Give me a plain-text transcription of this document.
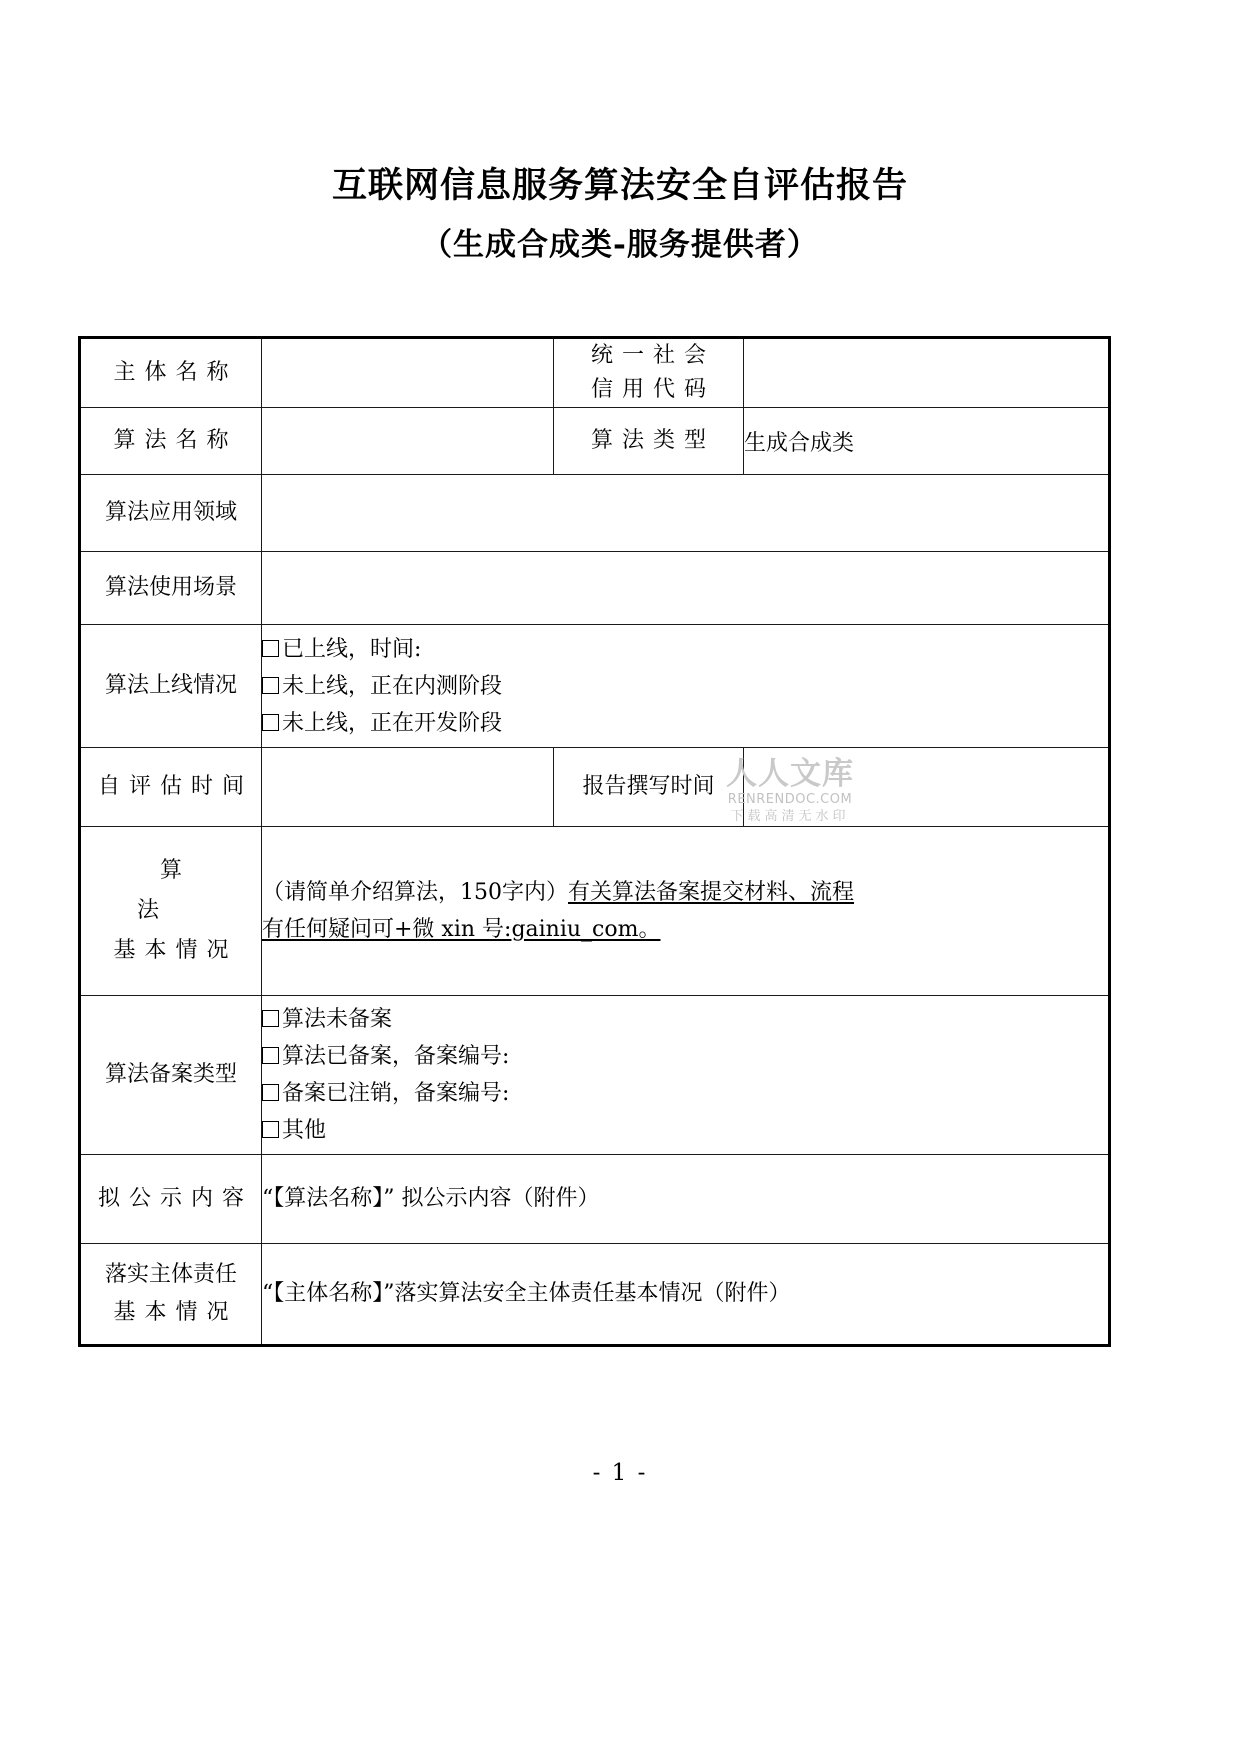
互联网信息服务算法安全自评估报告
（生成合成类-服务提供者）
主体名称		统一社会
信用代码	

算法名称		算法类型	生成合成类
算法应用领域			
算法使用场景			
算法上线情况	已上线，时间:
未上线，正在内测阶段
未上线，正在开发阶段		

自评估时间		报告撰写时间	

算法
基本情况	（请简单介绍算法，150字内）有关算法备案提交材料、流程
有任何疑问可+微 xin 号:gainiu_com。		
算法备案类型	算法未备案
算法已备案，备案编号:
备案已注销，备案编号:
其他		

拟公示内容	“【算法名称】” 拟公示内容（附件）		

落实主体责任
基本情况	“【主体名称】”落实算法安全主体责任基本情况（附件）		
人人文库
RENRENDOC.COM
下载高清无水印
- 1 -
